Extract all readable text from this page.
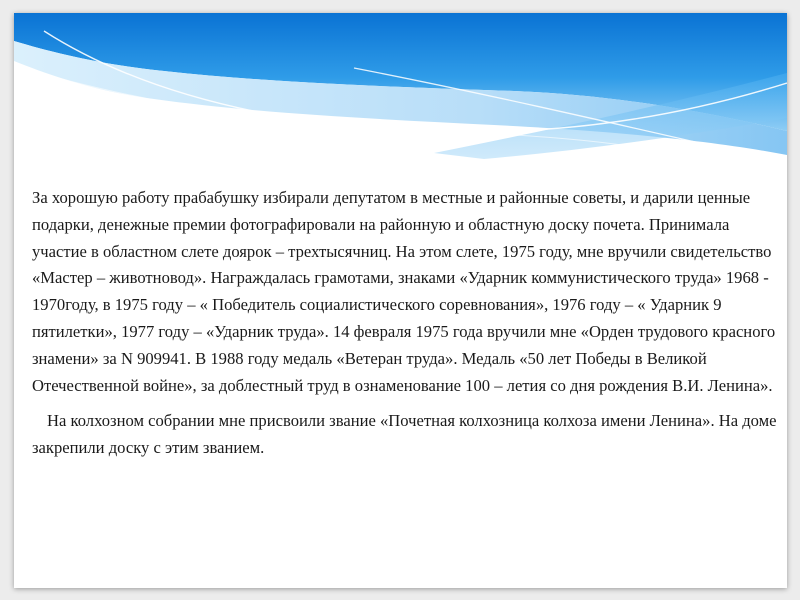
За хорошую работу прабабушку избирали депутатом в местные и районные советы, и дарили ценные подарки, денежные премии фотографировали на районную и областную доску почета. Принимала участие в областном слете доярок – трехтысячниц. На этом слете, 1975 году, мне вручили свидетельство «Мастер – животновод». Награждалась грамотами, знаками «Ударник коммунистического труда» 1968 - 1970году, в 1975 году – « Победитель социалистического соревнования», 1976 году – « Ударник 9 пятилетки», 1977 году – «Ударник труда». 14 февраля 1975 года вручили мне «Орден трудового красного знамени» за N 909941. В 1988 году медаль «Ветеран труда». Медаль «50 лет Победы в Великой Отечественной войне», за доблестный труд в ознаменование 100 – летия со дня рождения В.И. Ленина».

На колхозном собрании мне присвоили звание «Почетная колхозница колхоза имени Ленина». На доме закрепили доску с этим званием.
